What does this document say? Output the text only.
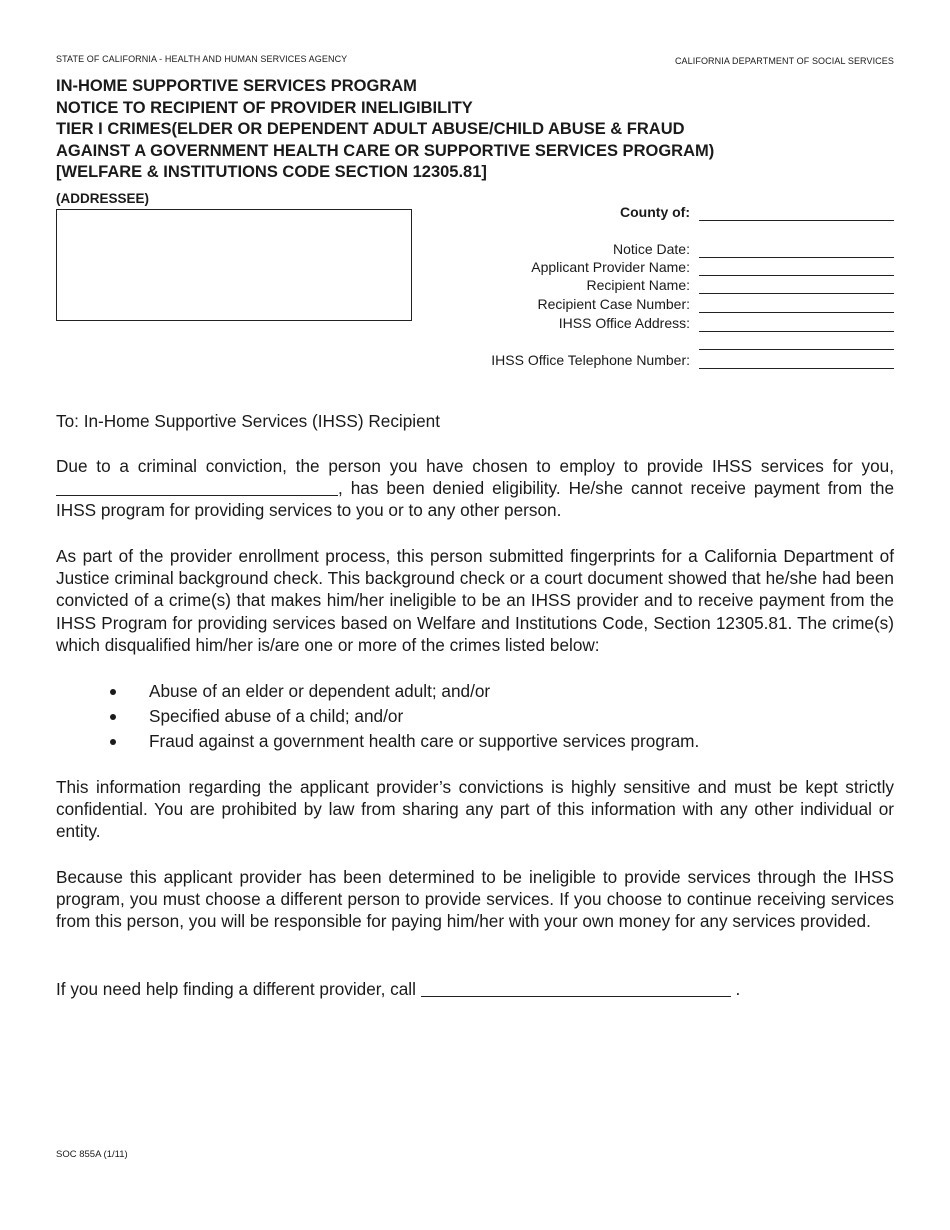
STATE OF CALIFORNIA - HEALTH AND HUMAN SERVICES AGENCY	CALIFORNIA DEPARTMENT OF SOCIAL SERVICES
IN-HOME SUPPORTIVE SERVICES PROGRAM
NOTICE TO RECIPIENT OF PROVIDER INELIGIBILITY
TIER I CRIMES(ELDER OR DEPENDENT ADULT ABUSE/CHILD ABUSE & FRAUD
AGAINST A GOVERNMENT HEALTH CARE OR SUPPORTIVE SERVICES PROGRAM)
[WELFARE & INSTITUTIONS CODE SECTION 12305.81]
(ADDRESSEE)
County of:
Notice Date:
Applicant Provider Name:
Recipient Name:
Recipient Case Number:
IHSS Office Address:
IHSS Office Telephone Number:
To: In-Home Supportive Services (IHSS) Recipient
Due to a criminal conviction, the person you have chosen to employ to provide IHSS services for you, , has been denied eligibility. He/she cannot receive payment from the IHSS program for providing services to you or to any other person.
As part of the provider enrollment process, this person submitted fingerprints for a California Department of Justice criminal background check. This background check or a court document showed that he/she had been convicted of a crime(s) that makes him/her ineligible to be an IHSS provider and to receive payment from the IHSS Program for providing services based on Welfare and Institutions Code, Section 12305.81. The crime(s) which disqualified him/her is/are one or more of the crimes listed below:
Abuse of an elder or dependent adult; and/or
Specified abuse of a child; and/or
Fraud against a government health care or supportive services program.
This information regarding the applicant provider’s convictions is highly sensitive and must be kept strictly confidential. You are prohibited by law from sharing any part of this information with any other individual or entity.
Because this applicant provider has been determined to be ineligible to provide services through the IHSS program, you must choose a different person to provide services. If you choose to continue receiving services from this person, you will be responsible for paying him/her with your own money for any services provided.
If you need help finding a different provider, call	.
SOC 855A (1/11)
